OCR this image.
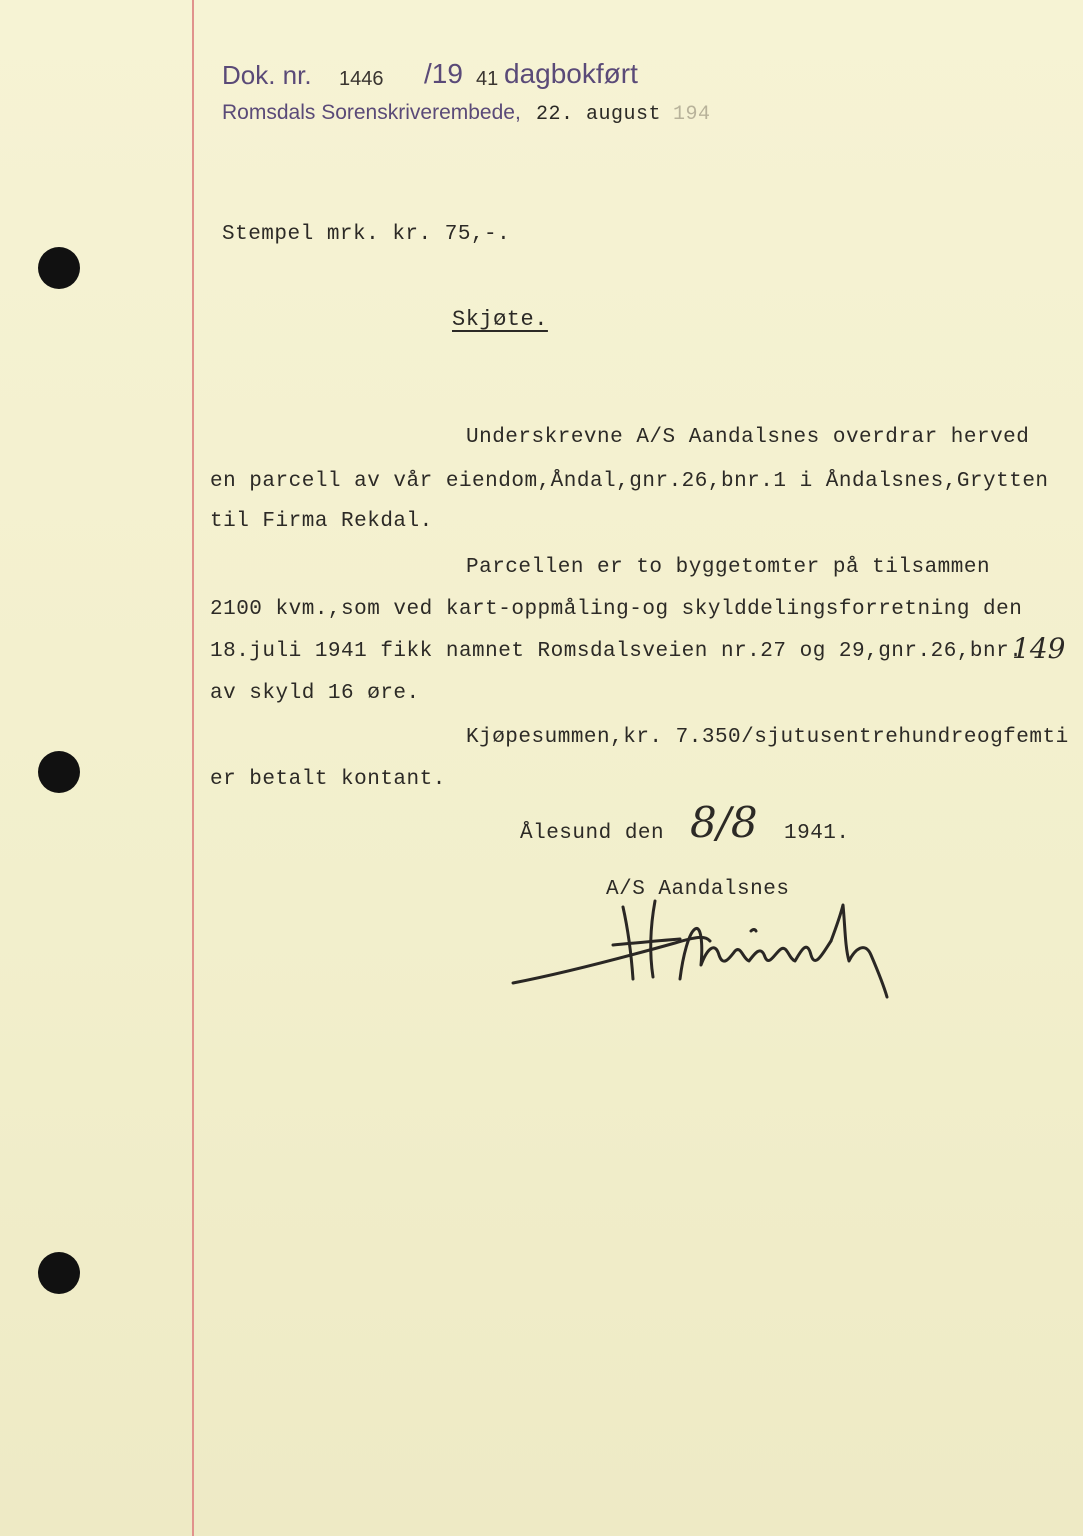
Dok. nr. 1446 /19 41 dagbokført
Romsdals Sorenskriverembede, 22. august 194
Stempel mrk. kr. 75,-.
Skjøte.
Underskrevne A/S Aandalsnes overdrar herved
en parcell av vår eiendom,Åndal,gnr.26,bnr.1 i Åndalsnes,Grytten
til Firma Rekdal.
Parcellen er to byggetomter på tilsammen
2100 kvm.,som ved kart-oppmåling-og skylddelingsforretning den
18.juli 1941 fikk namnet Romsdalsveien nr.27 og 29,gnr.26,bnr.
149
av skyld 16 øre.
Kjøpesummen,kr. 7.350/sjutusentrehundreogfemti
er betalt kontant.
Ålesund den 8/8 1941.
A/S Aandalsnes
